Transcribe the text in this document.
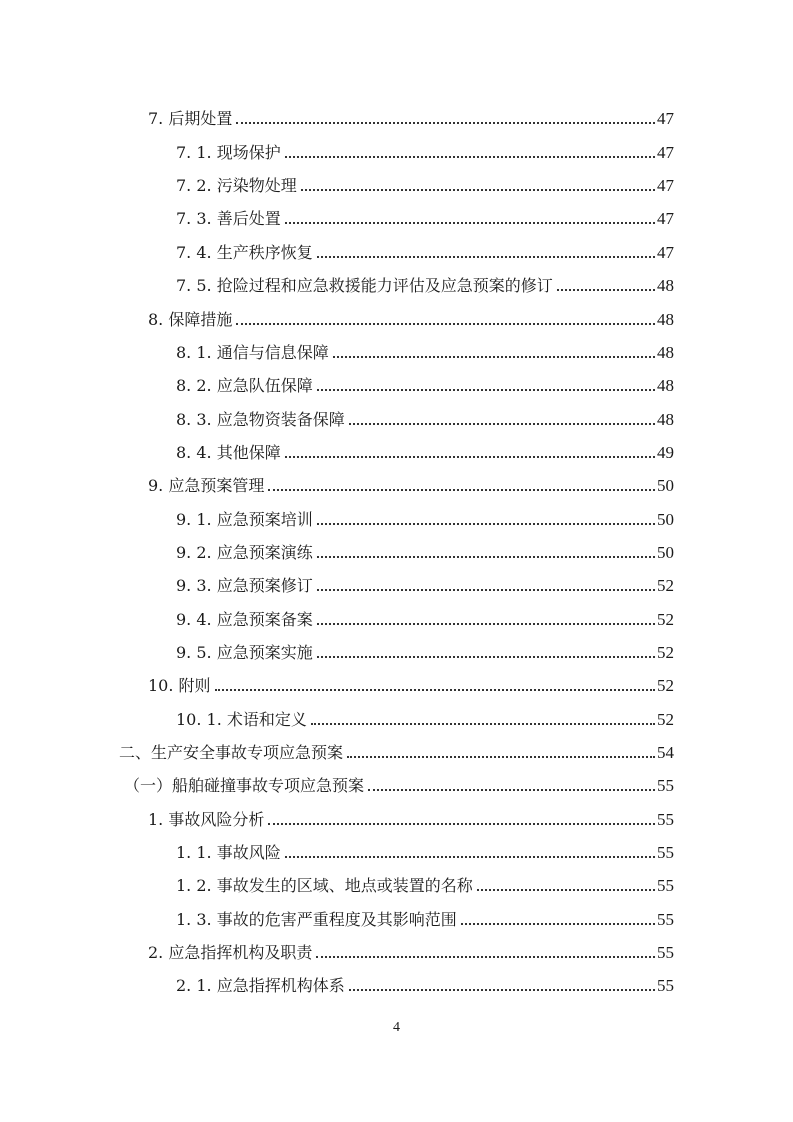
7. 后期处置	47
7. 1. 现场保护	47
7. 2. 污染物处理	47
7. 3. 善后处置	47
7. 4. 生产秩序恢复	47
7. 5. 抢险过程和应急救援能力评估及应急预案的修订	48
8. 保障措施	48
8. 1. 通信与信息保障	48
8. 2. 应急队伍保障	48
8. 3. 应急物资装备保障	48
8. 4. 其他保障	49
9. 应急预案管理	50
9. 1. 应急预案培训	50
9. 2. 应急预案演练	50
9. 3. 应急预案修订	52
9. 4. 应急预案备案	52
9. 5. 应急预案实施	52
10. 附则	52
10. 1. 术语和定义	52
二、生产安全事故专项应急预案	54
（一）船舶碰撞事故专项应急预案	55
1. 事故风险分析	55
1. 1. 事故风险	55
1. 2. 事故发生的区域、地点或装置的名称	55
1. 3. 事故的危害严重程度及其影响范围	55
2. 应急指挥机构及职责	55
2. 1. 应急指挥机构体系	55
4
